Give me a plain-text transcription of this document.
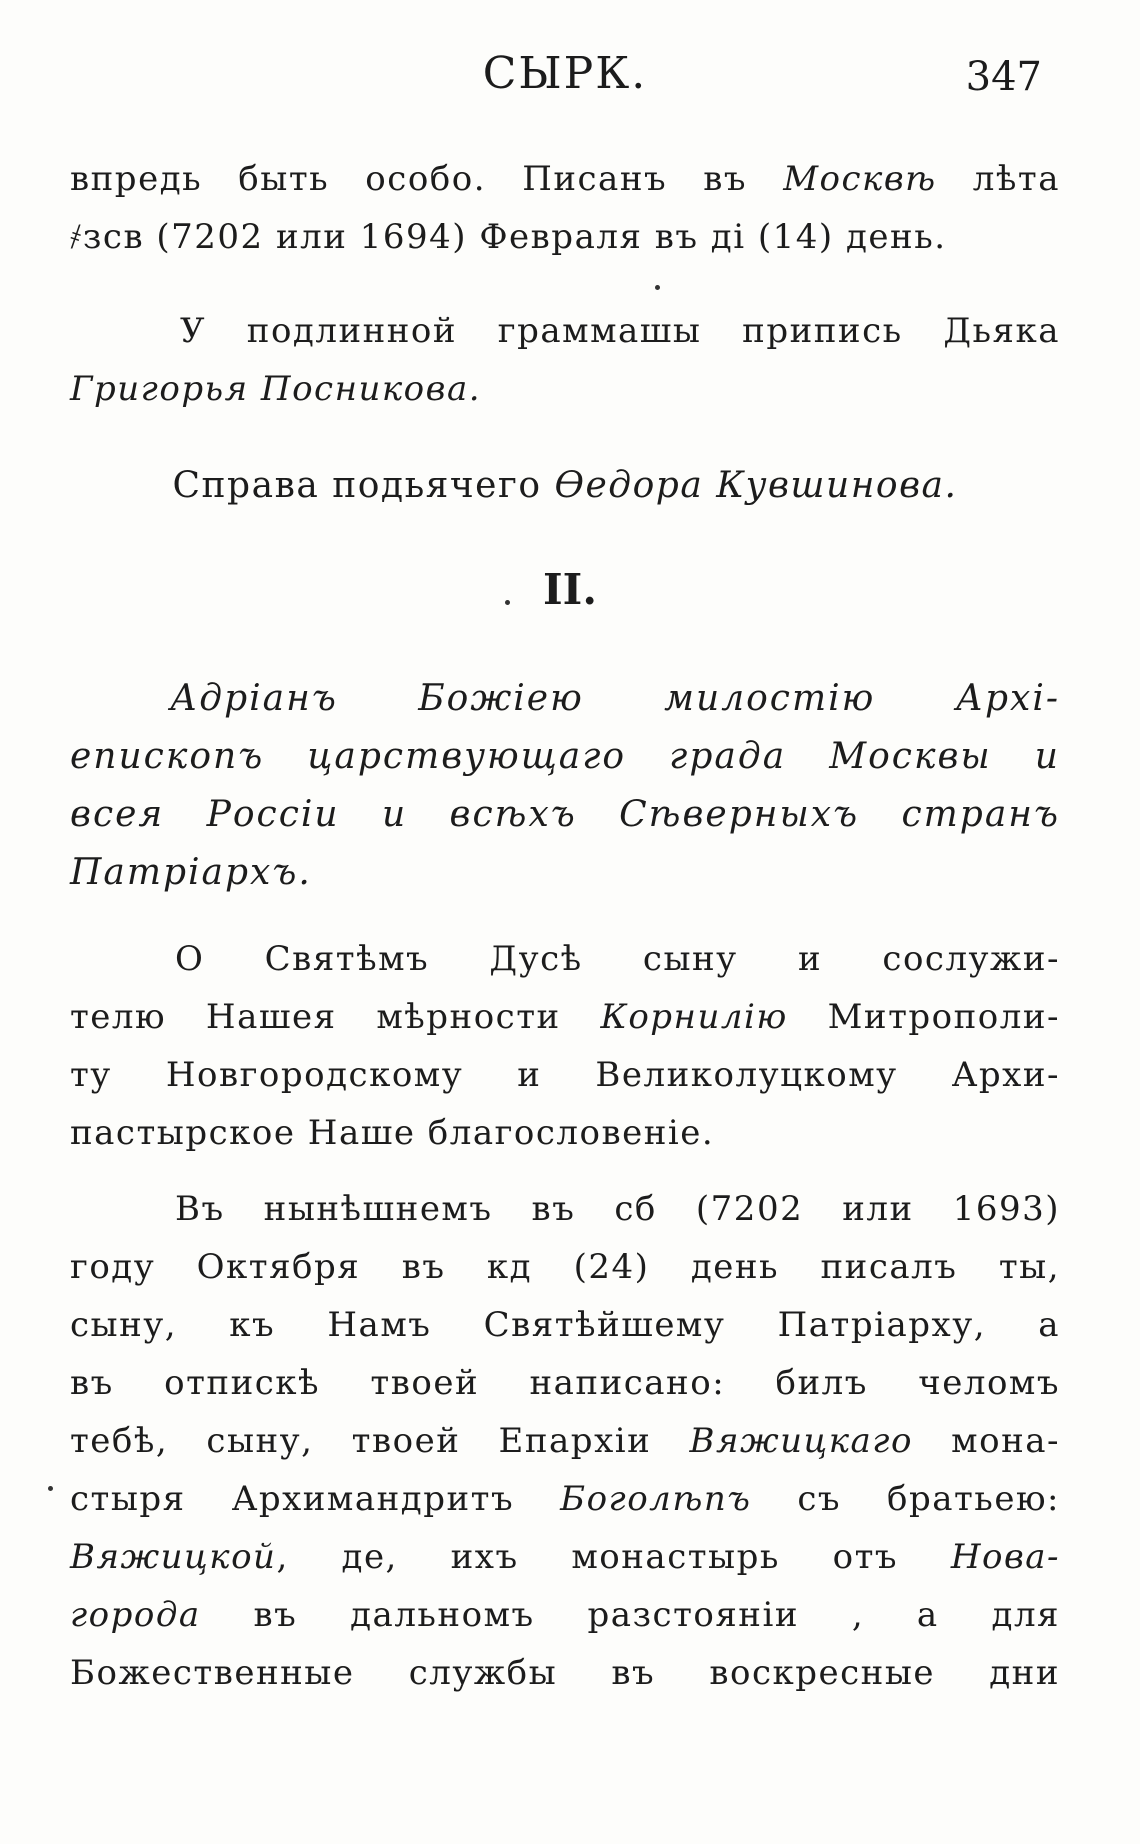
СЫРК.	347
впредь быть особо. Писанъ въ Москвѣ лѣта
҂зсв (7202 или 1694) Февраля въ ді (14) день.
У подлинной граммашы припись Дьяка
Григорья Посникова.
Справа подьячего Ѳедора Кувшинова.
II.
Адріанъ Божіею милостію Архі-
епископъ царствующаго града Москвы и
всея Россіи и всѣхъ Сѣверныхъ странъ
Патріархъ.
О Святѣмъ Дусѣ сыну и сослужи-
телю Нашея мѣрности Корнилію Митрополи-
ту Новгородскому и Великолуцкому Архи-
пастырское Наше благословеніе.
Въ нынѣшнемъ въ сб (7202 или 1693)
году Октября въ кд (24) день писалъ ты,
сыну, къ Намъ Святѣйшему Патріарху, а
въ отпискѣ твоей написано: билъ челомъ
тебѣ, сыну, твоей Епархіи Вяжицкаго мона-
стыря Архимандритъ Боголѣпъ съ братьею:
Вяжицкой, де, ихъ монастырь отъ Нова-
города въ дальномъ разстояніи , а для
Божественные службы въ воскресные дни
